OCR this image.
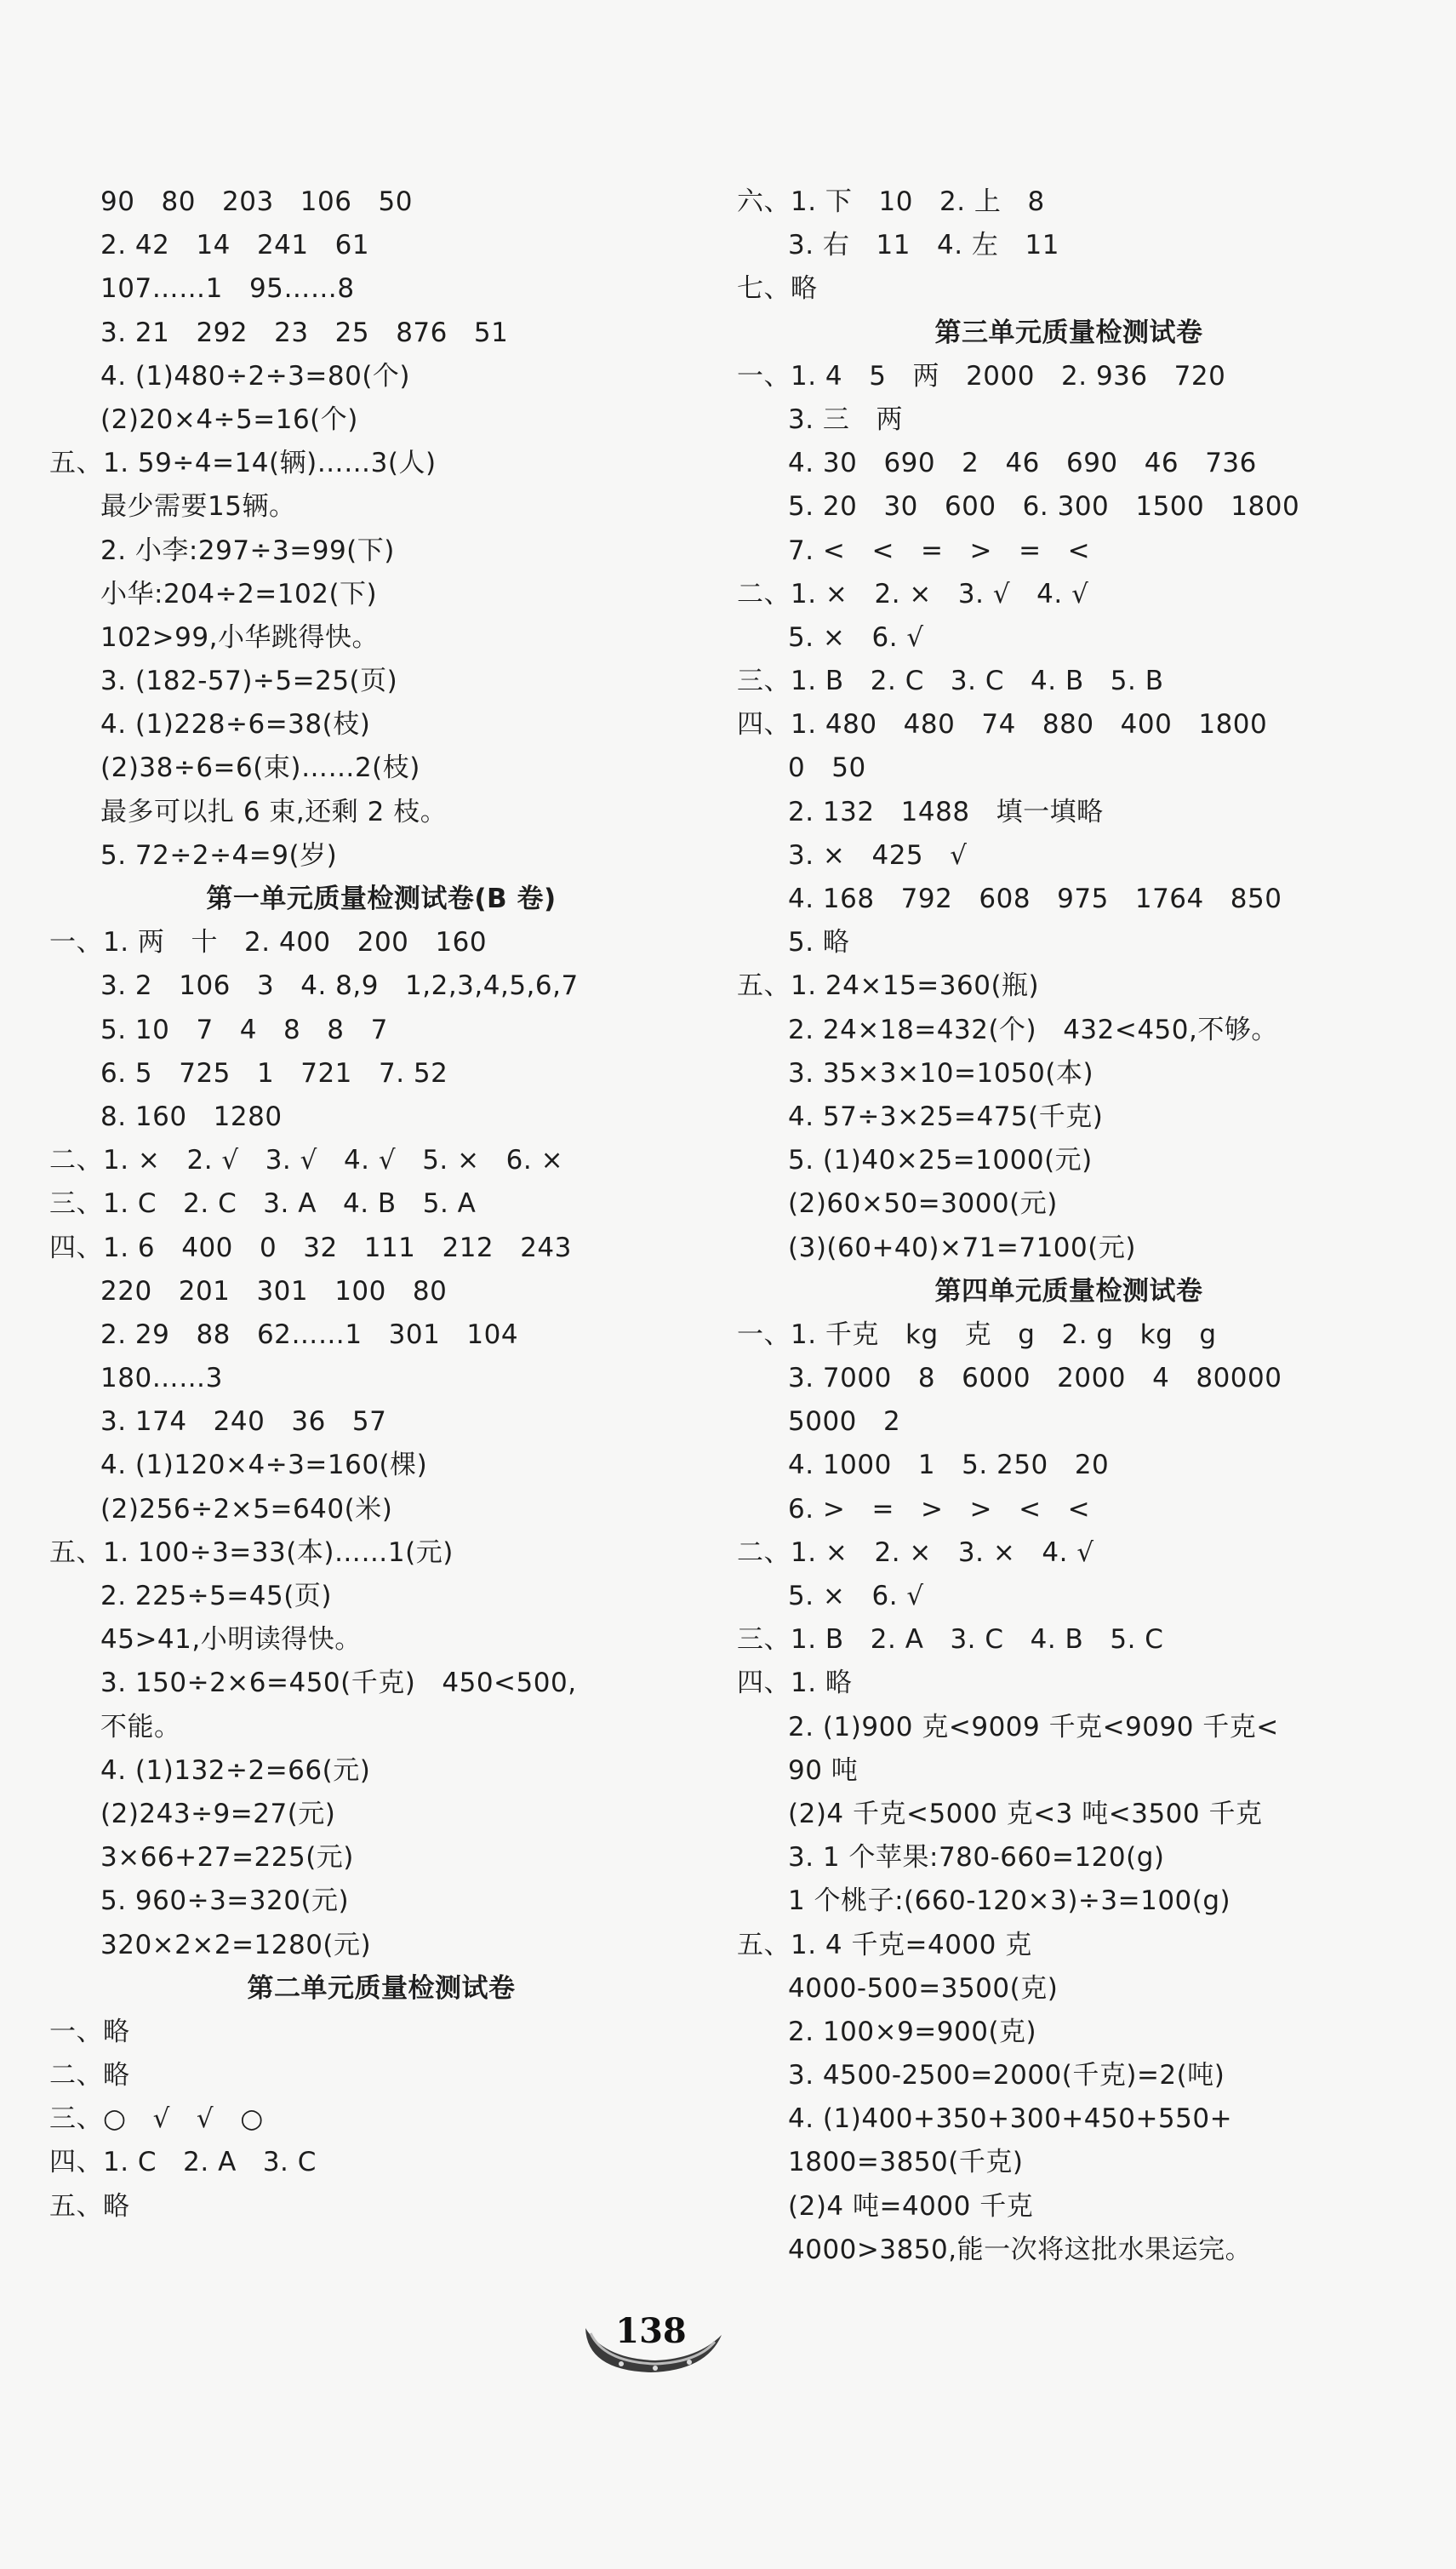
90   80   203   106   50
2. 42   14   241   61
107……1   95……8
3. 21   292   23   25   876   51
4. (1)480÷2÷3=80(个)
(2)20×4÷5=16(个)
五、1. 59÷4=14(辆)……3(人)
最少需要15辆。
2. 小李:297÷3=99(下)
小华:204÷2=102(下)
102>99,小华跳得快。
3. (182-57)÷5=25(页)
4. (1)228÷6=38(枝)
(2)38÷6=6(束)……2(枝)
最多可以扎 6 束,还剩 2 枝。
5. 72÷2÷4=9(岁)
第一单元质量检测试卷(B 卷)
一、1. 两   十   2. 400   200   160
3. 2   106   3   4. 8,9   1,2,3,4,5,6,7
5. 10   7   4   8   8   7
6. 5   725   1   721   7. 52
8. 160   1280
二、1. ×   2. √   3. √   4. √   5. ×   6. ×
三、1. C   2. C   3. A   4. B   5. A
四、1. 6   400   0   32   111   212   243
220   201   301   100   80
2. 29   88   62……1   301   104
180……3
3. 174   240   36   57
4. (1)120×4÷3=160(棵)
(2)256÷2×5=640(米)
五、1. 100÷3=33(本)……1(元)
2. 225÷5=45(页)
45>41,小明读得快。
3. 150÷2×6=450(千克)   450<500,
不能。
4. (1)132÷2=66(元)
(2)243÷9=27(元)
3×66+27=225(元)
5. 960÷3=320(元)
320×2×2=1280(元)
第二单元质量检测试卷
一、略
二、略
三、○   √   √   ○
四、1. C   2. A   3. C
五、略
六、1. 下   10   2. 上   8
3. 右   11   4. 左   11
七、略
第三单元质量检测试卷
一、1. 4   5   两   2000   2. 936   720
3. 三   两
4. 30   690   2   46   690   46   736
5. 20   30   600   6. 300   1500   1800
7. <   <   =   >   =   <
二、1. ×   2. ×   3. √   4. √
5. ×   6. √
三、1. B   2. C   3. C   4. B   5. B
四、1. 480   480   74   880   400   1800
0   50
2. 132   1488   填一填略
3. ×   425   √
4. 168   792   608   975   1764   850
5. 略
五、1. 24×15=360(瓶)
2. 24×18=432(个)   432<450,不够。
3. 35×3×10=1050(本)
4. 57÷3×25=475(千克)
5. (1)40×25=1000(元)
(2)60×50=3000(元)
(3)(60+40)×71=7100(元)
第四单元质量检测试卷
一、1. 千克   kg   克   g   2. g   kg   g
3. 7000   8   6000   2000   4   80000
5000   2
4. 1000   1   5. 250   20
6. >   =   >   >   <   <
二、1. ×   2. ×   3. ×   4. √
5. ×   6. √
三、1. B   2. A   3. C   4. B   5. C
四、1. 略
2. (1)900 克<9009 千克<9090 千克<
90 吨
(2)4 千克<5000 克<3 吨<3500 千克
3. 1 个苹果:780-660=120(g)
1 个桃子:(660-120×3)÷3=100(g)
五、1. 4 千克=4000 克
4000-500=3500(克)
2. 100×9=900(克)
3. 4500-2500=2000(千克)=2(吨)
4. (1)400+350+300+450+550+
1800=3850(千克)
(2)4 吨=4000 千克
4000>3850,能一次将这批水果运完。
138
